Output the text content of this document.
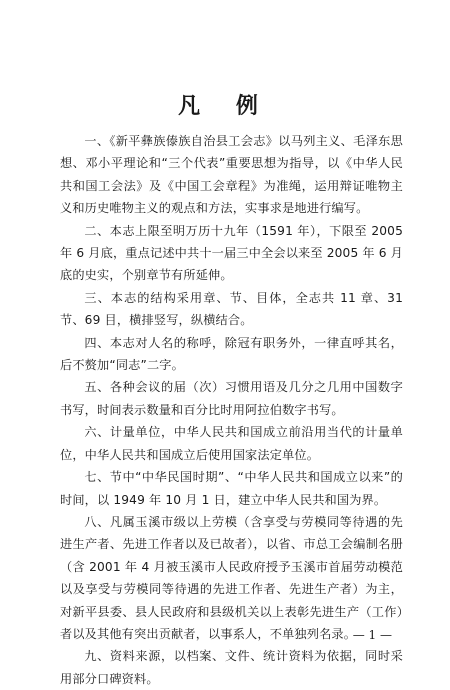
凡 例

一、《新平彝族傣族自治县工会志》以马列主义、毛泽东思想、邓小平理论和“三个代表”重要思想为指导，以《中华人民共和国工会法》及《中国工会章程》为准绳，运用辩证唯物主义和历史唯物主义的观点和方法，实事求是地进行编写。

二、本志上限至明万历十九年（1591 年），下限至 2005 年 6 月底，重点记述中共十一届三中全会以来至 2005 年 6 月底的史实，个别章节有所延伸。

三、本志的结构采用章、节、目体，全志共 11 章、31 节、69 目，横排竖写，纵横结合。

四、本志对人名的称呼，除冠有职务外，一律直呼其名，后不赘加“同志”二字。

五、各种会议的届（次）习惯用语及几分之几用中国数字书写，时间表示数量和百分比时用阿拉伯数字书写。

六、计量单位，中华人民共和国成立前沿用当代的计量单位，中华人民共和国成立后使用国家法定单位。

七、节中“中华民国时期”、“中华人民共和国成立以来”的时间，以 1949 年 10 月 1 日，建立中华人民共和国为界。

八、凡属玉溪市级以上劳模（含享受与劳模同等待遇的先进生产者、先进工作者以及已故者），以省、市总工会编制名册（含 2001 年 4 月被玉溪市人民政府授予玉溪市首届劳动模范以及享受与劳模同等待遇的先进工作者、先进生产者）为主，对新平县委、县人民政府和县级机关以上表彰先进生产（工作）者以及其他有突出贡献者，以事系人，不单独列名录。

九、资料来源，以档案、文件、统计资料为依据，同时采用部分口碑资料。

— 1 —
